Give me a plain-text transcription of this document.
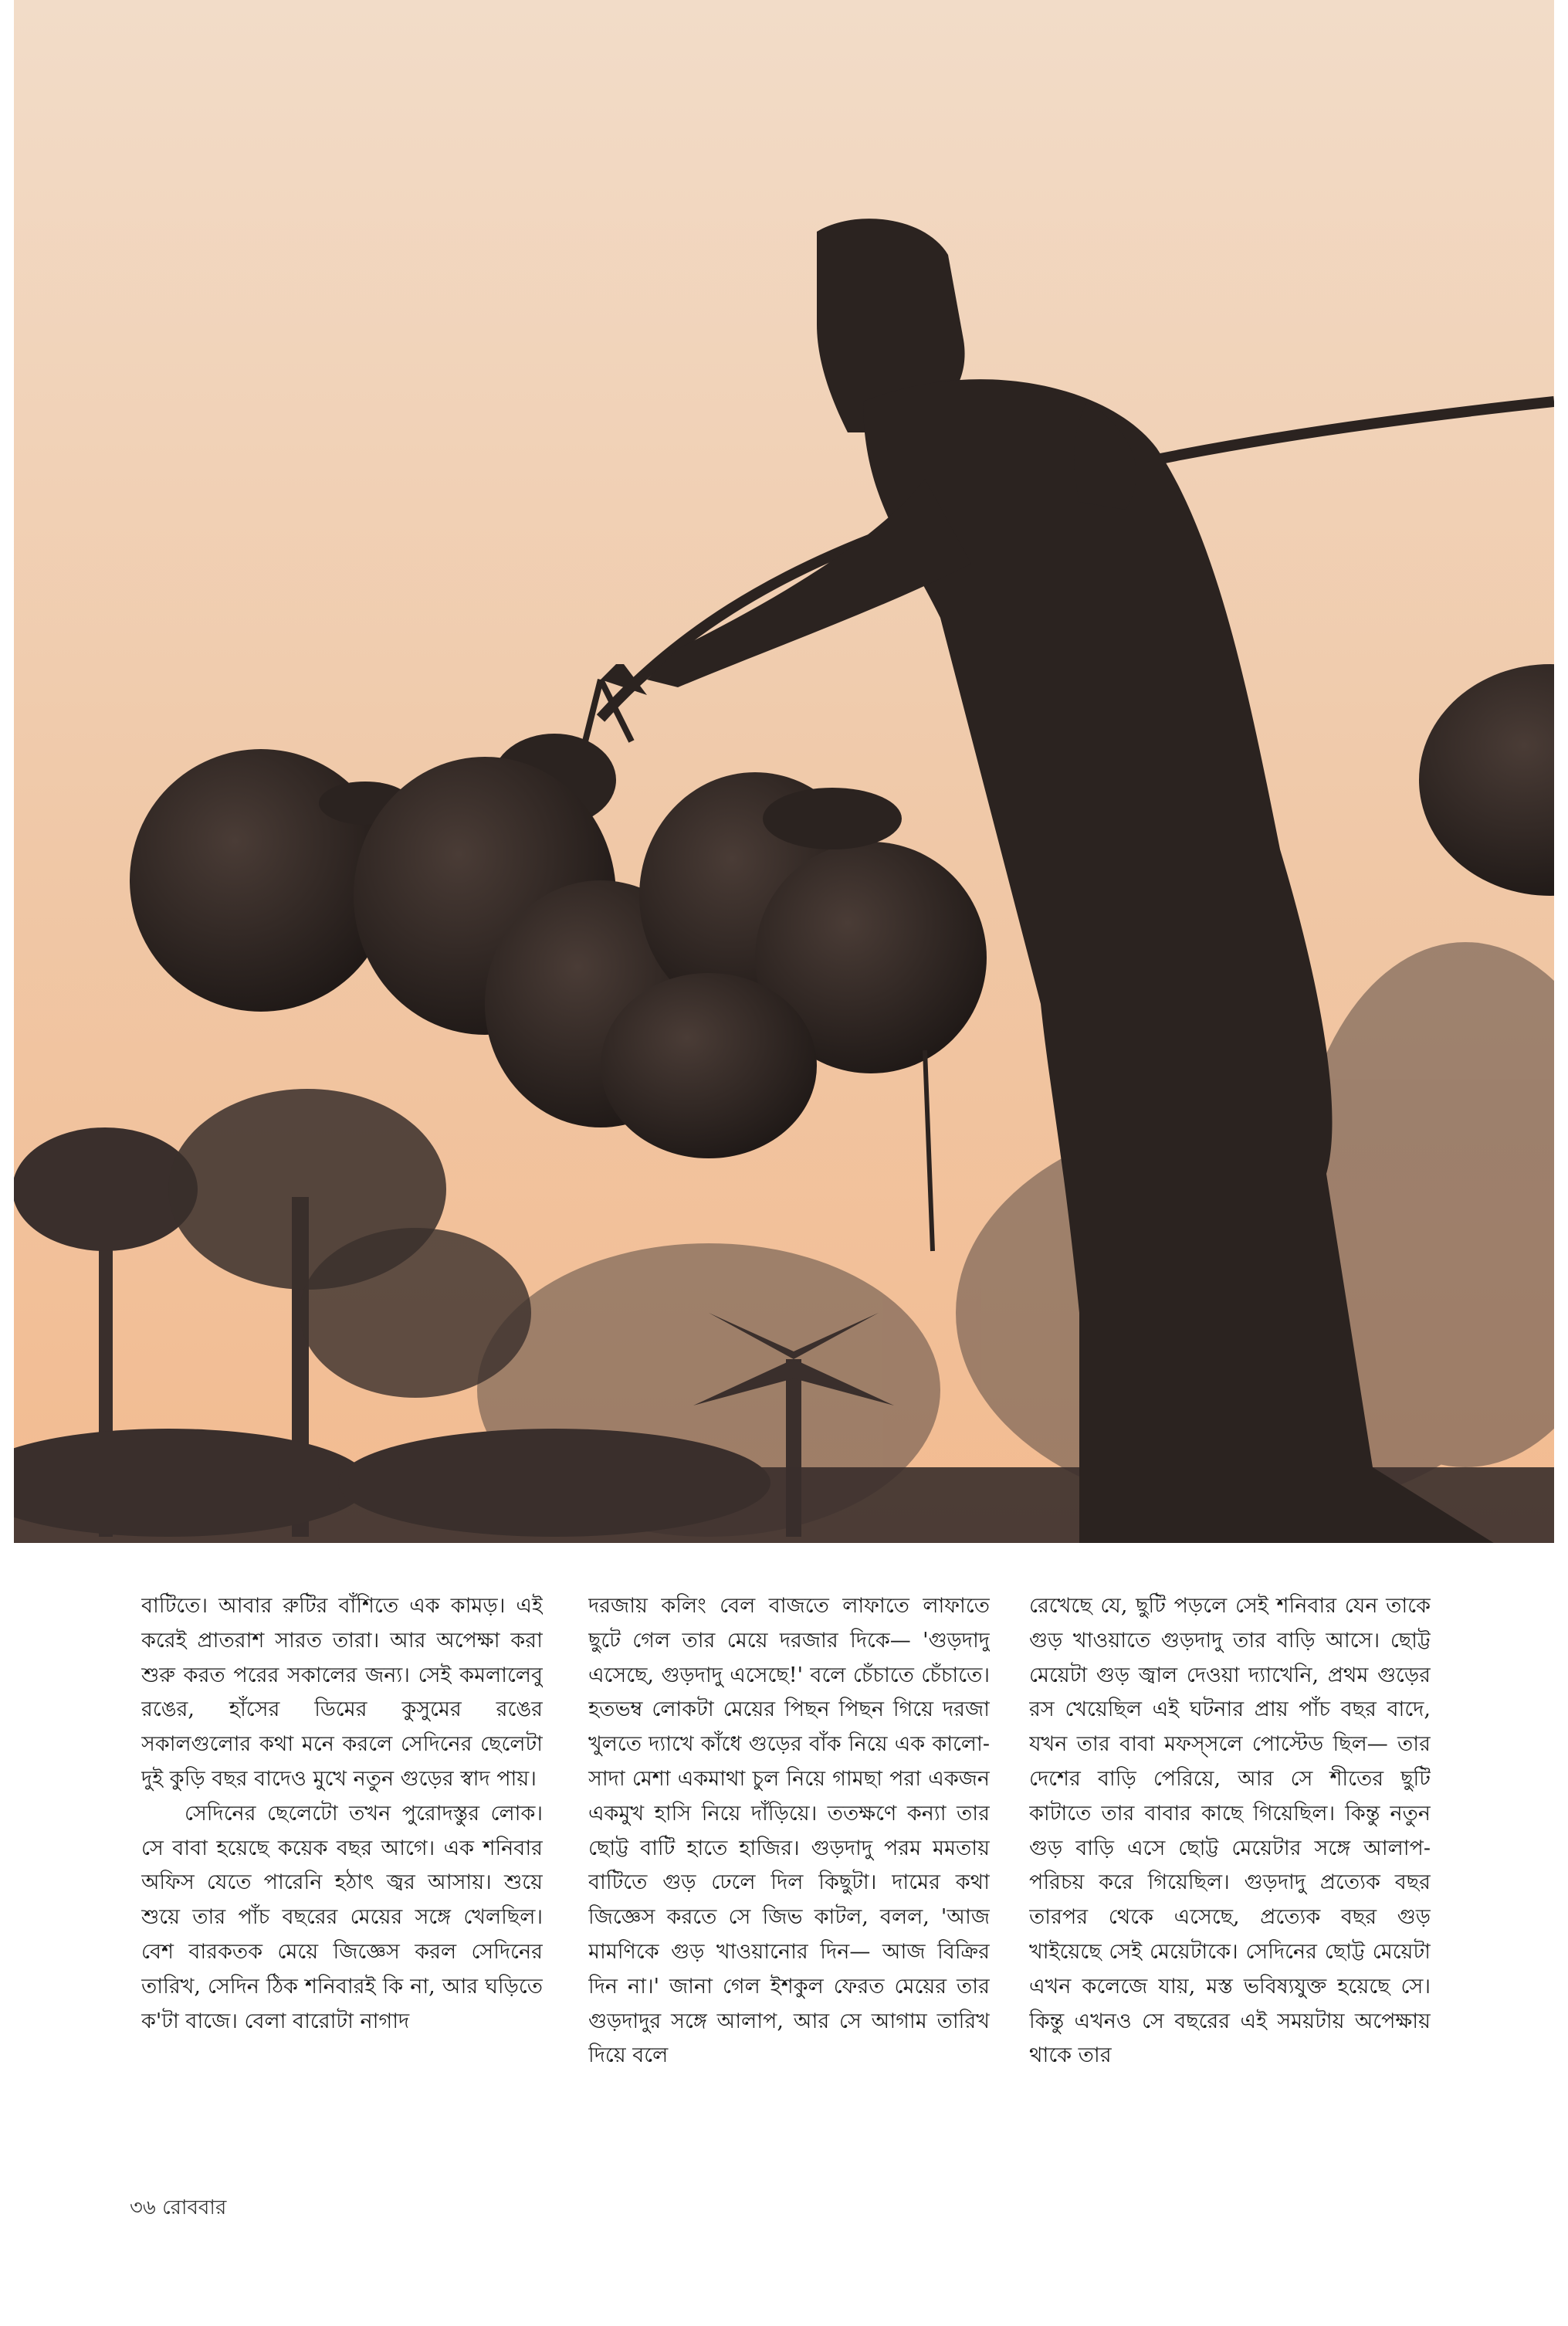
বাটিতে। আবার রুটির বাঁশিতে এক কামড়। এই করেই প্রাতরাশ সারত তারা। আর অপেক্ষা করা শুরু করত পরের সকালের জন্য। সেই কমলালেবু রঙের, হাঁসের ডিমের কুসুমের রঙের সকালগুলোর কথা মনে করলে সেদিনের ছেলেটা দুই কুড়ি বছর বাদেও মুখে নতুন গুড়ের স্বাদ পায়।

সেদিনের ছেলেটো তখন পুরোদস্তুর লোক। সে বাবা হয়েছে কয়েক বছর আগে। এক শনিবার অফিস যেতে পারেনি হঠাৎ জ্বর আসায়। শুয়ে শুয়ে তার পাঁচ বছরের মেয়ের সঙ্গে খেলছিল। বেশ বারকতক মেয়ে জিজ্ঞেস করল সেদিনের তারিখ, সেদিন ঠিক শনিবারই কি না, আর ঘড়িতে ক'টা বাজে। বেলা বারোটা নাগাদ

দরজায় কলিং বেল বাজতে লাফাতে লাফাতে ছুটে গেল তার মেয়ে দরজার দিকে— 'গুড়দাদু এসেছে, গুড়দাদু এসেছে!' বলে চেঁচাতে চেঁচাতে। হতভম্ব লোকটা মেয়ের পিছন পিছন গিয়ে দরজা খুলতে দ্যাখে কাঁধে গুড়ের বাঁক নিয়ে এক কালো-সাদা মেশা একমাথা চুল নিয়ে গামছা পরা একজন একমুখ হাসি নিয়ে দাঁড়িয়ে। ততক্ষণে কন্যা তার ছোট্ট বাটি হাতে হাজির। গুড়দাদু পরম মমতায় বাটিতে গুড় ঢেলে দিল কিছুটা। দামের কথা জিজ্ঞেস করতে সে জিভ কাটল, বলল, 'আজ মামণিকে গুড় খাওয়ানোর দিন— আজ বিক্রির দিন না।' জানা গেল ইশকুল ফেরত মেয়ের তার গুড়দাদুর সঙ্গে আলাপ, আর সে আগাম তারিখ দিয়ে বলে

রেখেছে যে, ছুটি পড়লে সেই শনিবার যেন তাকে গুড় খাওয়াতে গুড়দাদু তার বাড়ি আসে। ছোট্ট মেয়েটা গুড় জ্বাল দেওয়া দ্যাখেনি, প্রথম গুড়ের রস খেয়েছিল এই ঘটনার প্রায় পাঁচ বছর বাদে, যখন তার বাবা মফস্সলে পোস্টেড ছিল— তার দেশের বাড়ি পেরিয়ে, আর সে শীতের ছুটি কাটাতে তার বাবার কাছে গিয়েছিল। কিন্তু নতুন গুড় বাড়ি এসে ছোট্ট মেয়েটার সঙ্গে আলাপ-পরিচয় করে গিয়েছিল। গুড়দাদু প্রত্যেক বছর তারপর থেকে এসেছে, প্রত্যেক বছর গুড় খাইয়েছে সেই মেয়েটাকে। সেদিনের ছোট্ট মেয়েটা এখন কলেজে যায়, মস্ত ভবিষ্যযুক্ত হয়েছে সে। কিন্তু এখনও সে বছরের এই সময়টায় অপেক্ষায় থাকে তার

৩৬ রোববার
